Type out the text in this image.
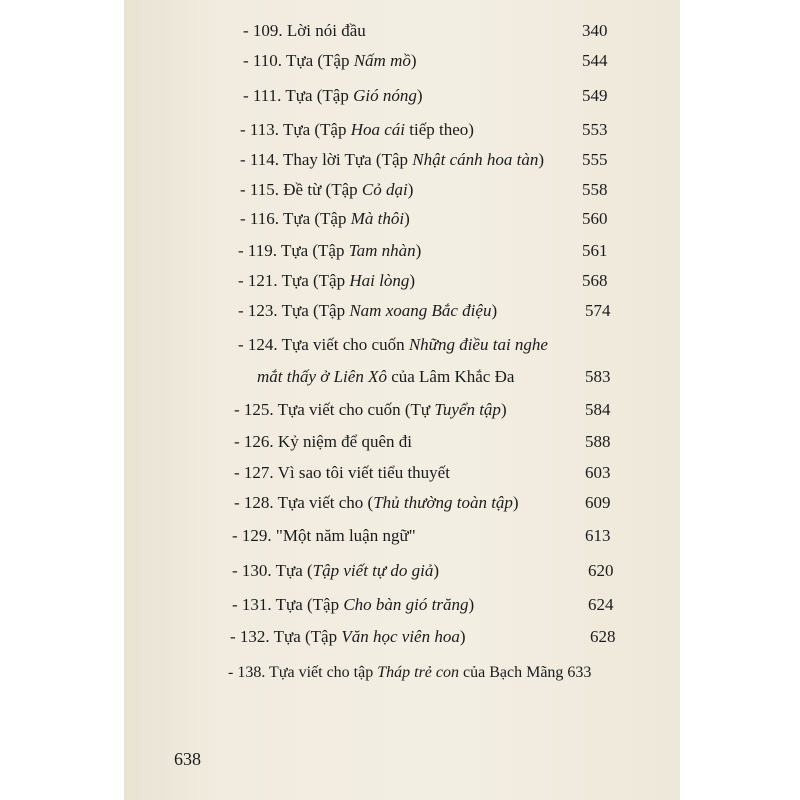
- 109. Lời nói đầu	340
- 110. Tựa (Tập Nấm mồ)	544
- 111. Tựa (Tập Gió nóng)	549
- 113. Tựa (Tập Hoa cái tiếp theo)	553
- 114. Thay lời Tựa (Tập Nhật cánh hoa tàn) 555
- 115. Đề từ (Tập Cỏ dại)	558
- 116. Tựa (Tập Mà thôi)	560
- 119. Tựa (Tập Tam nhàn)	561
- 121. Tựa (Tập Hai lòng)	568
- 123. Tựa (Tập Nam xoang Bắc điệu)	574
- 124. Tựa viết cho cuốn Những điều tai nghe
mắt thấy ở Liên Xô của Lâm Khắc Đa	583
- 125. Tựa viết cho cuốn (Tự Tuyển tập)	584
- 126. Kỷ niệm để quên đi	588
- 127. Vì sao tôi viết tiểu thuyết	603
- 128. Tựa viết cho (Thủ thường toàn tập)	609
- 129. "Một năm luận ngữ"	613
- 130. Tựa (Tập viết tự do giả)	620
- 131. Tựa (Tập Cho bàn gió trăng)	624
- 132. Tựa (Tập Văn học viên hoa)	628
- 138. Tựa viết cho tập Tháp trẻ con của Bạch Mãng 633
638
